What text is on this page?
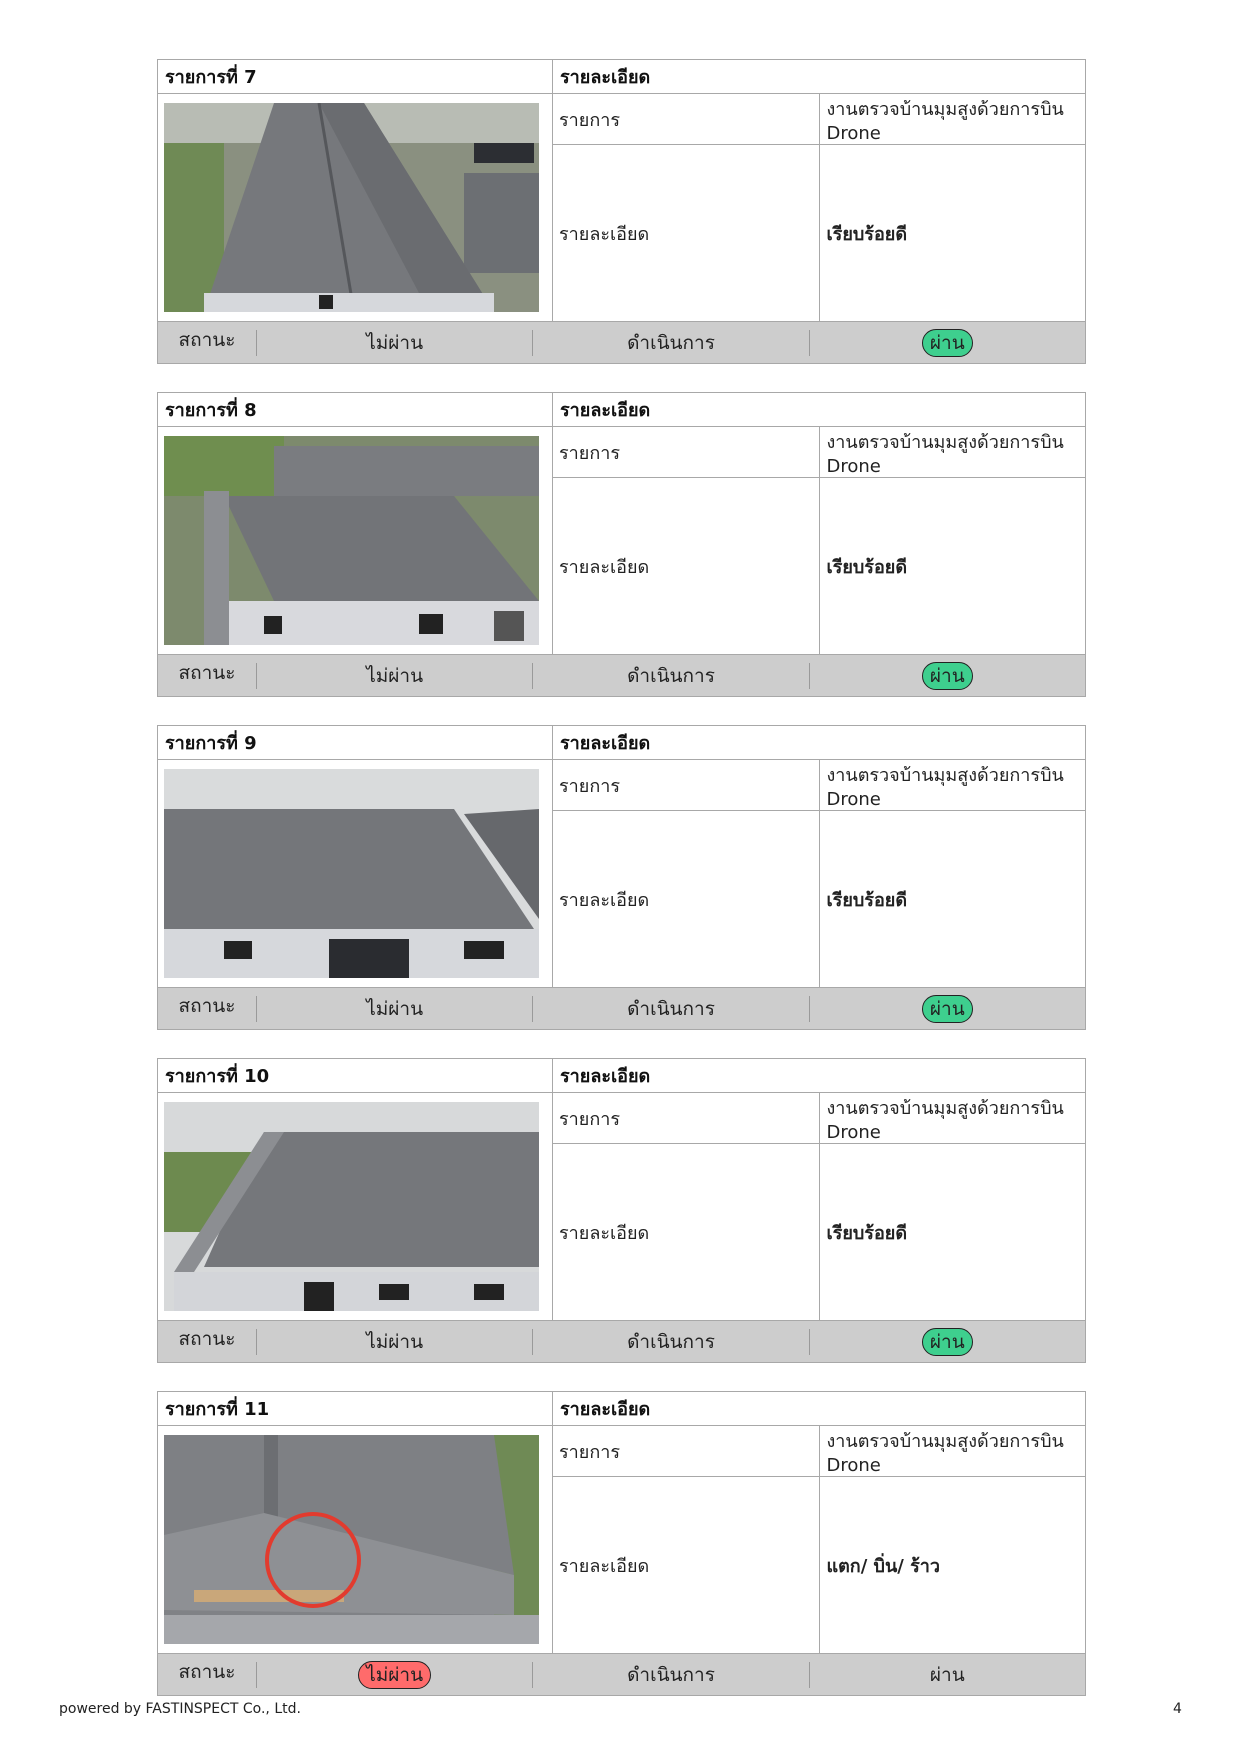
รายการที่ 7	รายละเอียด	

	รายการ	งานตรวจบ้านมุมสูงด้วยการบิน Drone
	รายละเอียด	เรียบร้อยดี
สถานะ	ไม่ผ่าน	ดำเนินการ	ผ่าน
รายการที่ 8	รายละเอียด	

	รายการ	งานตรวจบ้านมุมสูงด้วยการบิน Drone
	รายละเอียด	เรียบร้อยดี
สถานะ	ไม่ผ่าน	ดำเนินการ	ผ่าน
รายการที่ 9	รายละเอียด	

	รายการ	งานตรวจบ้านมุมสูงด้วยการบิน Drone
	รายละเอียด	เรียบร้อยดี
สถานะ	ไม่ผ่าน	ดำเนินการ	ผ่าน
รายการที่ 10	รายละเอียด	

	รายการ	งานตรวจบ้านมุมสูงด้วยการบิน Drone
	รายละเอียด	เรียบร้อยดี
สถานะ	ไม่ผ่าน	ดำเนินการ	ผ่าน
รายการที่ 11	รายละเอียด	

	รายการ	งานตรวจบ้านมุมสูงด้วยการบิน Drone
	รายละเอียด	แตก/ บิ่น/ ร้าว
สถานะ	ไม่ผ่าน	ดำเนินการ	ผ่าน
powered by FASTINSPECT Co., Ltd.	4
